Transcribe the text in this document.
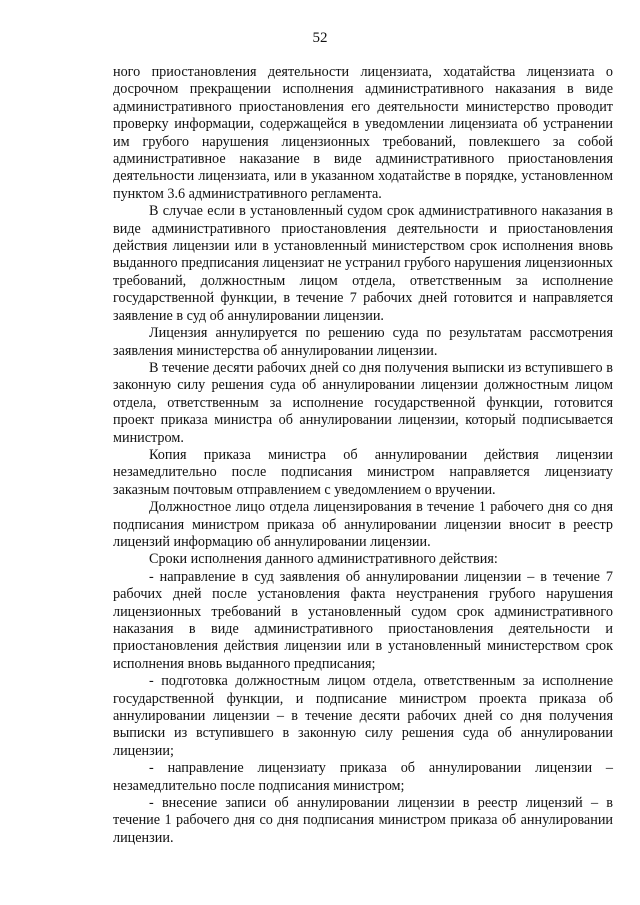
52

ного приостановления деятельности лицензиата, ходатайства лицензиата о досрочном прекращении исполнения административного наказания в виде административного приостановления его деятельности министерство проводит проверку информации, содержащейся в уведомлении лицензиата об устранении им грубого нарушения лицензионных требований, повлекшего за собой административное наказание в виде административного приостановления деятельности лицензиата, или в указанном ходатайстве в порядке, установленном пунктом 3.6 административного регламента.

В случае если в установленный судом срок административного наказания в виде административного приостановления деятельности и приостановления действия лицензии или в установленный министерством срок исполнения вновь выданного предписания лицензиат не устранил грубого нарушения лицензионных требований, должностным лицом отдела, ответственным за исполнение государственной функции, в течение 7 рабочих дней готовится и направляется заявление в суд об аннулировании лицензии.

Лицензия аннулируется по решению суда по результатам рассмотрения заявления министерства об аннулировании лицензии.

В течение десяти рабочих дней со дня получения выписки из вступившего в законную силу решения суда об аннулировании лицензии должностным лицом отдела, ответственным за исполнение государственной функции, готовится проект приказа министра об аннулировании лицензии, который подписывается министром.

Копия приказа министра об аннулировании действия лицензии незамедлительно после подписания министром направляется лицензиату заказным почтовым отправлением с уведомлением о вручении.

Должностное лицо отдела лицензирования в течение 1 рабочего дня со дня подписания министром приказа об аннулировании лицензии вносит в реестр лицензий информацию об аннулировании лицензии.

Сроки исполнения данного административного действия:

- направление в суд заявления об аннулировании лицензии – в течение 7 рабочих дней после установления факта неустранения грубого нарушения лицензионных требований в установленный судом срок административного наказания в виде административного приостановления деятельности и приостановления действия лицензии или в установленный министерством срок исполнения вновь выданного предписания;

- подготовка должностным лицом отдела, ответственным за исполнение государственной функции, и подписание министром проекта приказа об аннулировании лицензии – в течение десяти рабочих дней со дня получения выписки из вступившего в законную силу решения суда об аннулировании лицензии;

- направление лицензиату приказа об аннулировании лицензии – незамедлительно после подписания министром;

- внесение записи об аннулировании лицензии в реестр лицензий – в течение 1 рабочего дня со дня подписания министром приказа об аннулировании лицензии.
